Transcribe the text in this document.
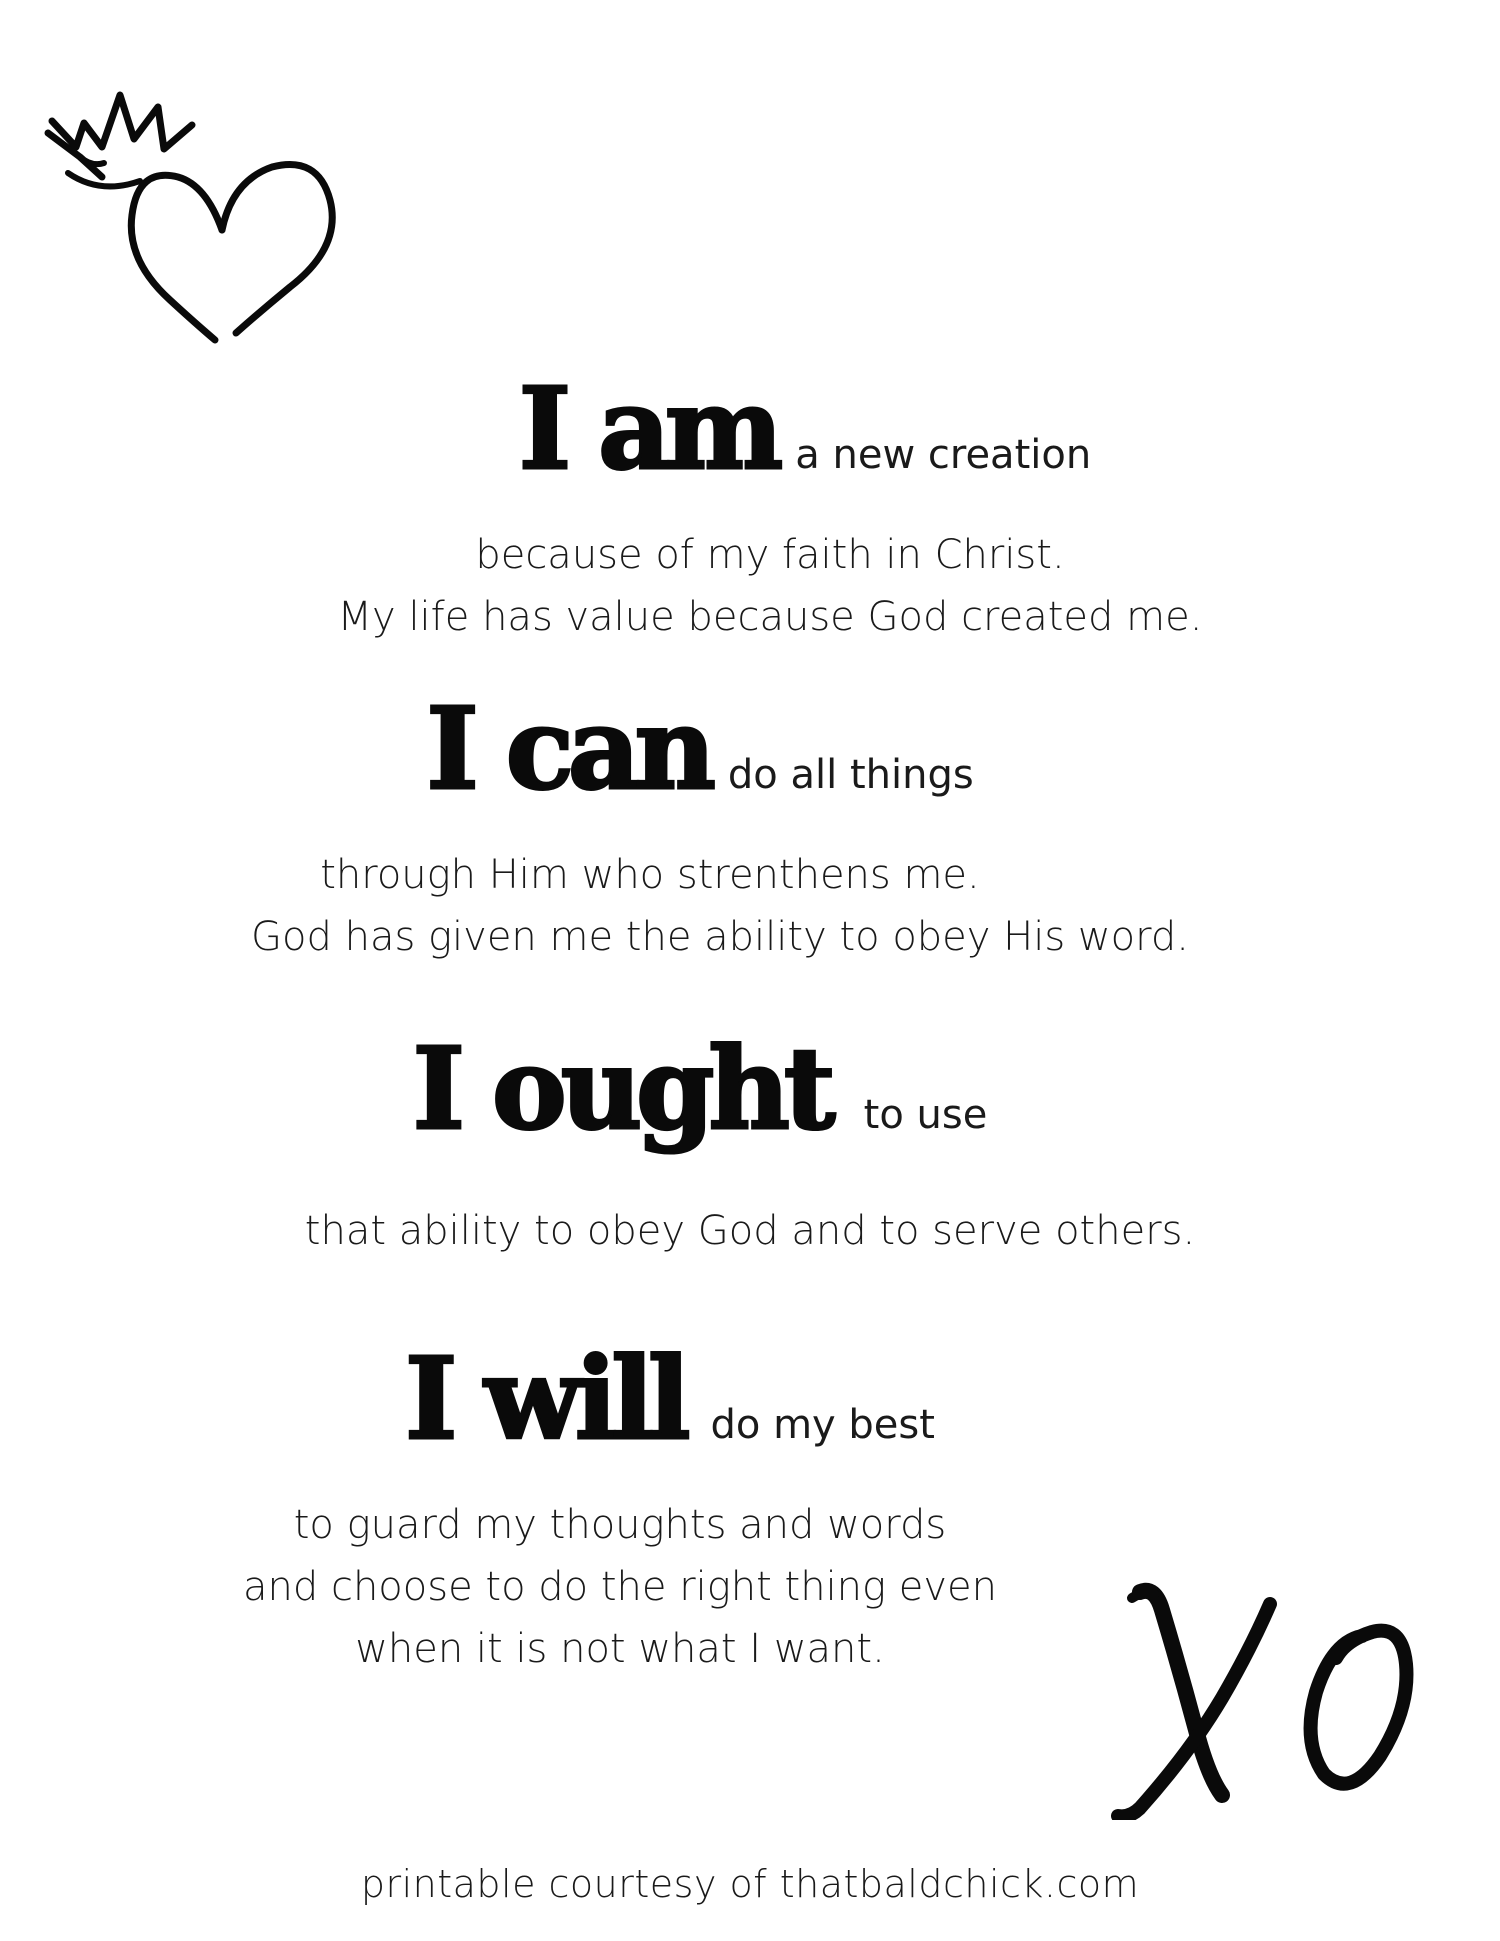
I am a new creation
because of my faith in Christ.
My life has value because God created me.
I can do all things
through Him who strenthens me.
God has given me the ability to obey His word.
I ought to use
that ability to obey God and to serve others.
I will do my best
to guard my thoughts and words
and choose to do the right thing even
when it is not what I want.
printable courtesy of thatbaldchick.com
